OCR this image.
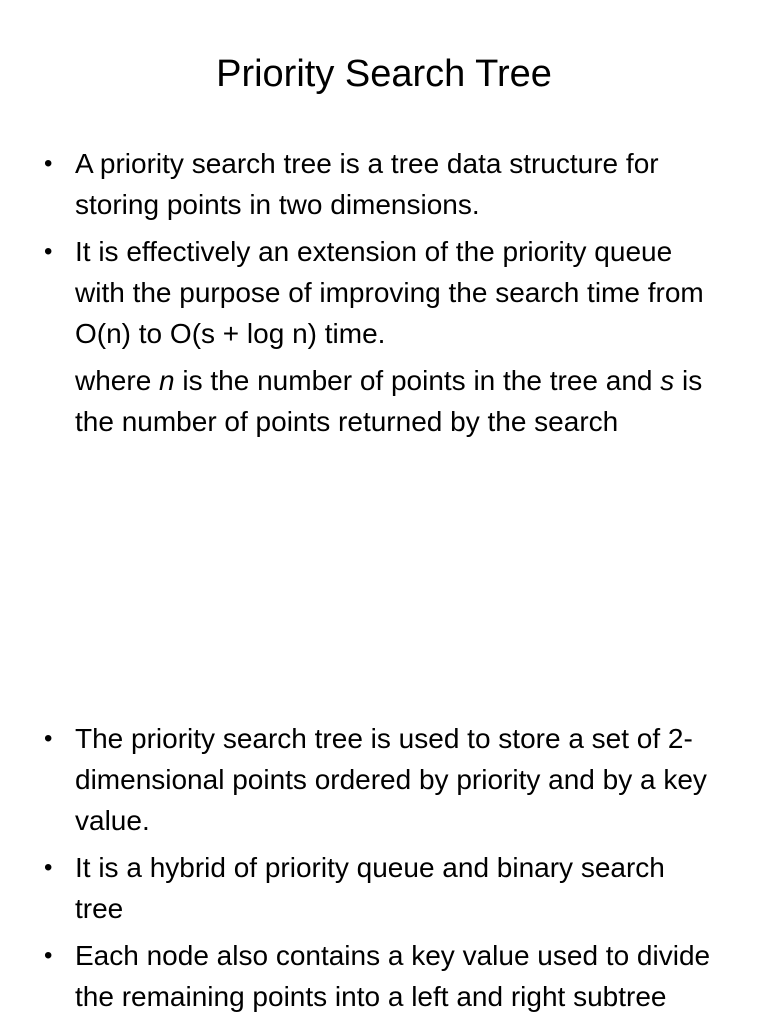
Priority Search Tree
• A priority search tree is a tree data structure for storing points in two dimensions.
• It is effectively an extension of the priority queue with the purpose of improving the search time from O(n) to O(s + log n) time.
where n is the number of points in the tree and s is the number of points returned by the search
• The priority search tree is used to store a set of 2-dimensional points ordered by priority and by a key value.
• It is a hybrid of priority queue and binary search tree
• Each node also contains a key value used to divide the remaining points into a left and right subtree
